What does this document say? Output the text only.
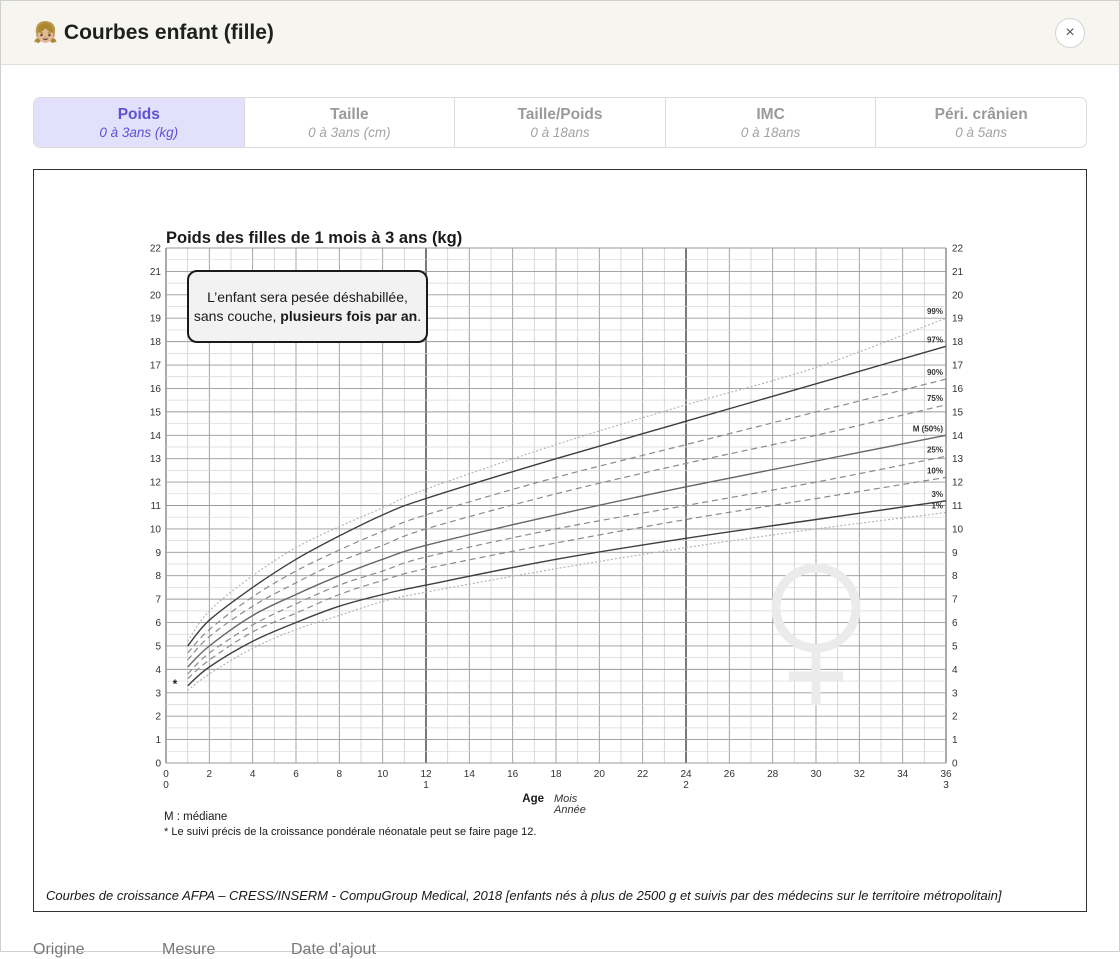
👧🏼 Courbes enfant (fille)	×
Poids
0 à 3ans (kg)
Taille
0 à 3ans (cm)
Taille/Poids
0 à 18ans
IMC
0 à 18ans
Péri. crânien
0 à 5ans
0	0
1	1
2	2
3	3
4	4
5	5
6	6
7	7
8	8
9	9
10	10
11	11
12	12
13	13
14	14
15	15
16	16
17	17
18	18
19	19
20	20
21	21
22	22
0	2	4	6	8	10	12	14	16	18	20	22	24	26	28	30	32	34	36
0	1	2	3
99%
97%
90%
75%
M (50%)
25%
10%
3%
1%
Poids des filles de 1 mois à 3 ans (kg)
L’enfant sera pesée déshabillée,
sans couche, plusieurs fois par an.
*
Age Mois
Année
M : médiane
* Le suivi précis de la croissance pondérale néonatale peut se faire page 12.
Courbes de croissance AFPA – CRESS/INSERM - CompuGroup Medical, 2018 [enfants nés à plus de 2500 g et suivis par des médecins sur le territoire métropolitain]
Origine	Mesure	Date d'ajout
